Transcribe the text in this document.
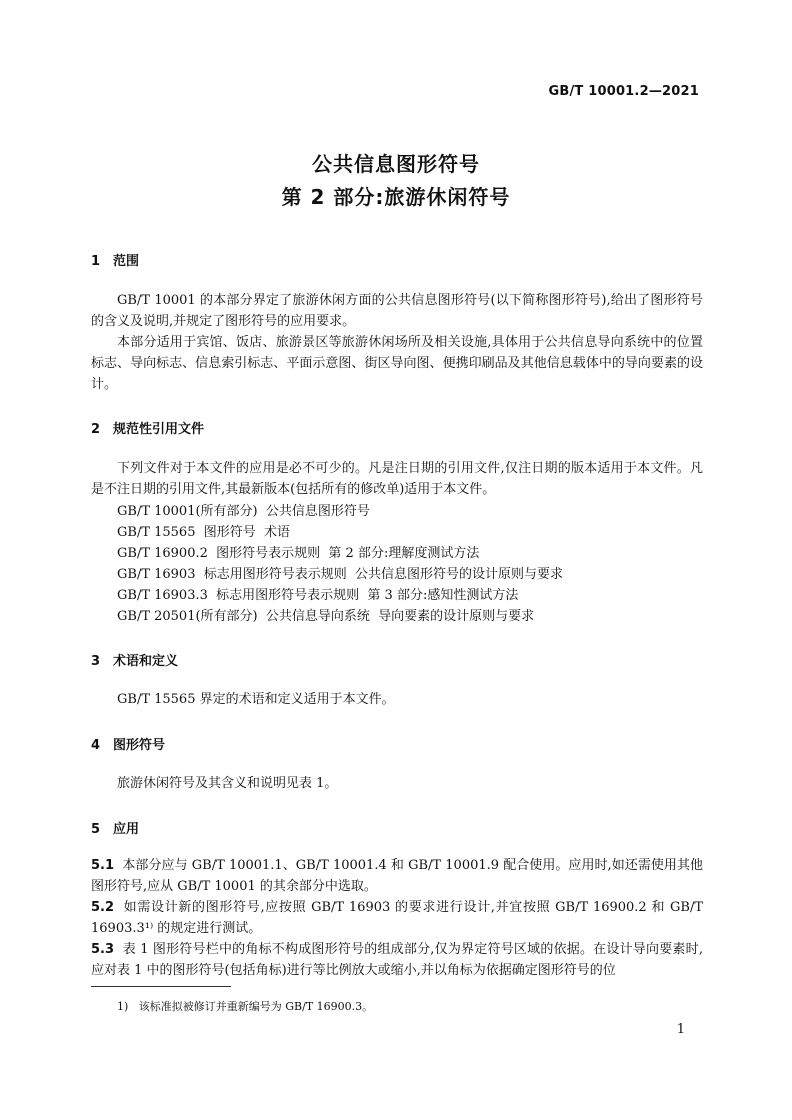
GB/T 10001.2—2021
公共信息图形符号
第 2 部分:旅游休闲符号
1 范围
GB/T 10001 的本部分界定了旅游休闲方面的公共信息图形符号(以下简称图形符号),给出了图形符号的含义及说明,并规定了图形符号的应用要求。
本部分适用于宾馆、饭店、旅游景区等旅游休闲场所及相关设施,具体用于公共信息导向系统中的位置标志、导向标志、信息索引标志、平面示意图、街区导向图、便携印刷品及其他信息载体中的导向要素的设计。
2 规范性引用文件
下列文件对于本文件的应用是必不可少的。凡是注日期的引用文件,仅注日期的版本适用于本文件。凡是不注日期的引用文件,其最新版本(包括所有的修改单)适用于本文件。
GB/T 10001(所有部分)  公共信息图形符号
GB/T 15565  图形符号  术语
GB/T 16900.2  图形符号表示规则  第 2 部分:理解度测试方法
GB/T 16903  标志用图形符号表示规则  公共信息图形符号的设计原则与要求
GB/T 16903.3  标志用图形符号表示规则  第 3 部分:感知性测试方法
GB/T 20501(所有部分)  公共信息导向系统  导向要素的设计原则与要求
3 术语和定义
GB/T 15565 界定的术语和定义适用于本文件。
4 图形符号
旅游休闲符号及其含义和说明见表 1。
5 应用
5.1 本部分应与 GB/T 10001.1、GB/T 10001.4 和 GB/T 10001.9 配合使用。应用时,如还需使用其他图形符号,应从 GB/T 10001 的其余部分中选取。
5.2 如需设计新的图形符号,应按照 GB/T 16903 的要求进行设计,并宜按照 GB/T 16900.2 和 GB/T 16903.3¹⁾ 的规定进行测试。
5.3 表 1 图形符号栏中的角标不构成图形符号的组成部分,仅为界定符号区域的依据。在设计导向要素时,应对表 1 中的图形符号(包括角标)进行等比例放大或缩小,并以角标为依据确定图形符号的位
1)   该标准拟被修订并重新编号为 GB/T 16900.3。
1
